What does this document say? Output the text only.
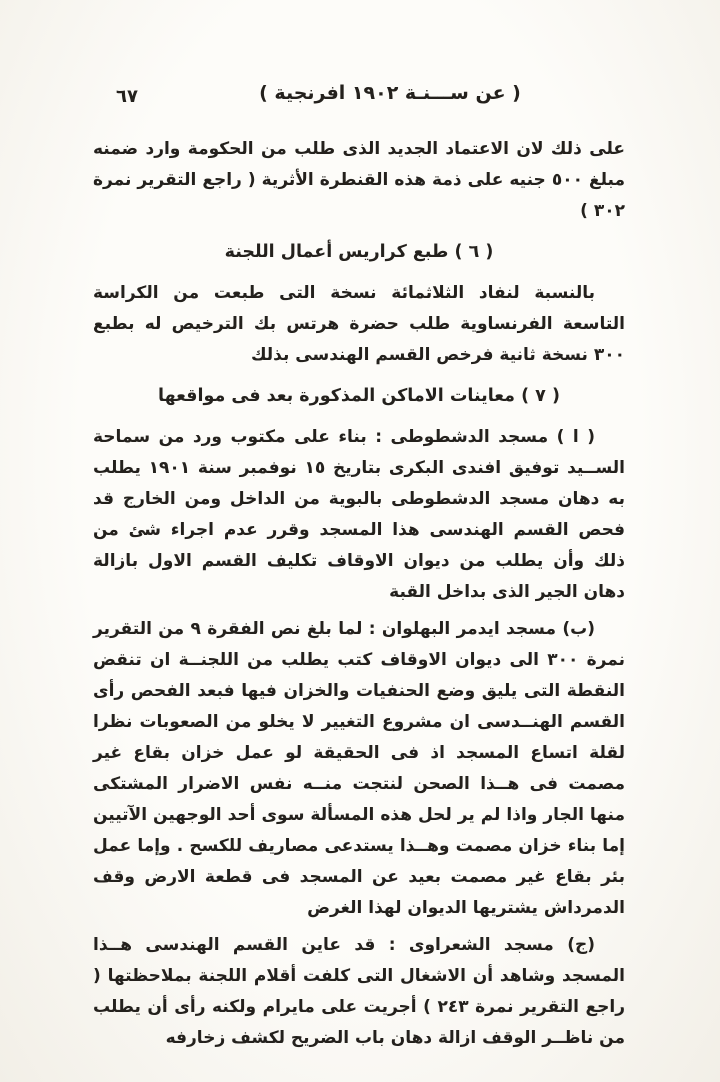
٦٧	( عن ســـنـة ١٩٠٢ افرنجية )

على ذلك لان الاعتماد الجديد الذى طلب من الحكومة وارد ضمنه مبلغ ٥٠٠ جنيه على ذمة هذه القنطرة الأثرية ( راجع التقرير نمرة ٣٠٢ )

( ٦ ) طبع كراريس أعمال اللجنة

بالنسبة لنفاد الثلاثمائة نسخة التى طبعت من الكراسة التاسعة الفرنساوية طلب حضرة هرتس بك الترخيص له بطبع ٣٠٠ نسخة ثانية فرخص القسم الهندسى بذلك

( ٧ ) معاينات الاماكن المذكورة بعد فى مواقعها

( ا ) مسجد الدشطوطى : بناء على مكتوب ورد من سماحة الســيد توفيق افندى البكرى بتاريخ ١٥ نوفمبر سنة ١٩٠١ يطلب به دهان مسجد الدشطوطى بالبوية من الداخل ومن الخارج قد فحص القسم الهندسى هذا المسجد وقرر عدم اجراء شئ من ذلك وأن يطلب من ديوان الاوقاف تكليف القسم الاول بازالة دهان الجير الذى بداخل القبة

(ب) مسجد ايدمر البهلوان : لما بلغ نص الفقرة ٩ من التقرير نمرة ٣٠٠ الى ديوان الاوقاف كتب يطلب من اللجنــة ان تنقض النقطة التى يليق وضع الحنفيات والخزان فيها فبعد الفحص رأى القسم الهنــدسى ان مشروع التغيير لا يخلو من الصعوبات نظرا لقلة اتساع المسجد اذ فى الحقيقة لو عمل خزان بقاع غير مصمت فى هــذا الصحن لنتجت منــه نفس الاضرار المشتكى منها الجار واذا لم ير لحل هذه المسألة سوى أحد الوجهين الآتيين إما بناء خزان مصمت وهــذا يستدعى مصاريف للكسح . وإما عمل بئر بقاع غير مصمت بعيد عن المسجد فى قطعة الارض وقف الدمرداش يشتريها الديوان لهذا الغرض

(ج) مسجد الشعراوى : قد عاين القسم الهندسى هــذا المسجد وشاهد أن الاشغال التى كلفت أقلام اللجنة بملاحظتها ( راجع التقرير نمرة ٢٤٣ ) أجريت على مايرام ولكنه رأى أن يطلب من ناظــر الوقف ازالة دهان باب الضريح لكشف زخارفه
